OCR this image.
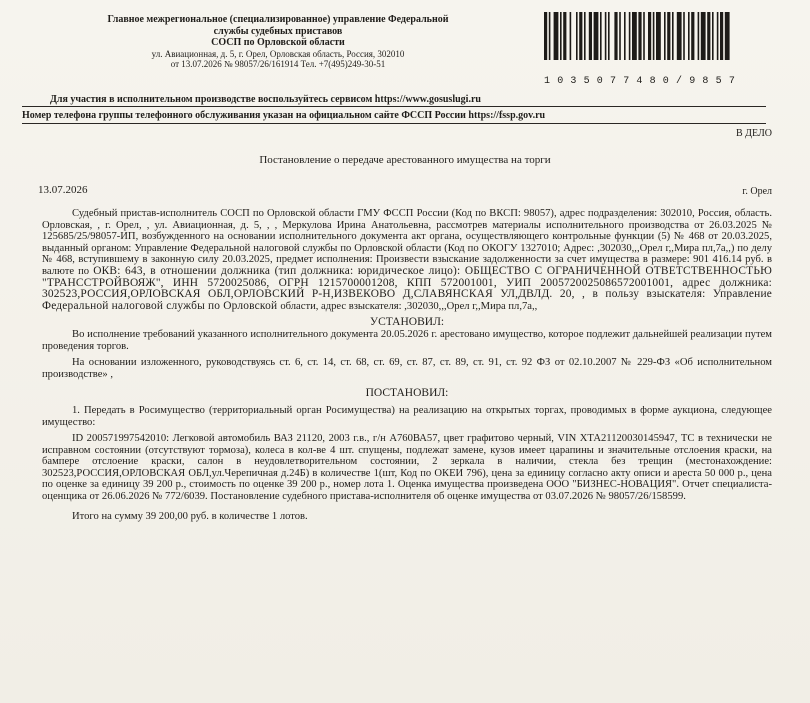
Главное межрегиональное (специализированное) управление Федеральной
службы судебных приставов
СОСП по Орловской области
ул. Авиационная, д. 5, г. Орел, Орловская область, Россия, 302010
от 13.07.2026 № 98057/26/161914 Тел. +7(495)249-30-51
1035077480/9857
Для участия в исполнительном производстве воспользуйтесь сервисом https://www.gosuslugi.ru
Номер телефона группы телефонного обслуживания указан на официальном сайте ФССП России https://fssp.gov.ru
В ДЕЛО
Постановление о передаче арестованного имущества на торги
13.07.2026	г. Орел

Судебный пристав-исполнитель СОСП по Орловской области ГМУ ФССП России (Код по ВКСП: 98057), адрес подразделения: 302010, Россия, область. Орловская, , г. Орел, , ул. Авиационная, д. 5, , , Меркулова Ирина Анатольевна, рассмотрев материалы исполнительного производства от 26.03.2025 № 125685/25/98057-ИП, возбужденного на основании исполнительного документа акт органа, осуществляющего контрольные функции (5) № 468 от 20.03.2025, выданный органом: Управление Федеральной налоговой службы по Орловской области (Код по ОКОГУ 1327010; Адрес: ,302030,,,Орел г,,Мира пл,7а,,) по делу № 468, вступившему в законную силу 20.03.2025, предмет исполнения: Произвести взыскание задолженности за счет имущества в размере: 901 416.14 руб. в валюте по ОКВ: 643, в отношении должника (тип должника: юридическое лицо): ОБЩЕСТВО С ОГРАНИЧЕННОЙ ОТВЕТСТВЕННОСТЬЮ "ТРАНССТРОЙВОЯЖ", ИНН 5720025086, ОГРН 1215700001208, КПП 572001001, УИП 2005720025086572001001, адрес должника: 302523,РОССИЯ,ОРЛОВСКАЯ ОБЛ,ОРЛОВСКИЙ Р-Н,ИЗВЕКОВО Д,СЛАВЯНСКАЯ УЛ,ДВЛД. 20, , в пользу взыскателя: Управление Федеральной налоговой службы по Орловской области, адрес взыскателя: ,302030,,,Орел г,,Мира пл,7а,,

УСТАНОВИЛ:

Во исполнение требований указанного исполнительного документа 20.05.2026 г. арестовано имущество, которое подлежит дальнейшей реализации путем проведения торгов.

На основании изложенного, руководствуясь ст. 6, ст. 14, ст. 68, ст. 69, ст. 87, ст. 89, ст. 91, ст. 92 ФЗ от 02.10.2007 № 229-ФЗ «Об исполнительном производстве» ,

ПОСТАНОВИЛ:

1. Передать в Росимущество (территориальный орган Росимущества) на реализацию на открытых торгах, проводимых в форме аукциона, следующее имущество:

ID 200571997542010: Легковой автомобиль ВАЗ 21120, 2003 г.в., г/н А760ВА57, цвет графитово черный, VIN ХТА21120030145947, ТС в технически не исправном состоянии (отсутствуют тормоза), колеса в кол-ве 4 шт. спущены, подлежат замене, кузов имеет царапины и значительные отслоения краски, на бампере отслоение краски, салон в неудовлетворительном состоянии, 2 зеркала в наличии, стекла без трещин (местонахождение: 302523,РОССИЯ,ОРЛОВСКАЯ ОБЛ,ул.Черепичная д.24Б) в количестве 1(шт, Код по ОКЕИ 796), цена за единицу согласно акту описи и ареста 50 000 р., цена по оценке за единицу 39 200 р., стоимость по оценке 39 200 р., номер лота 1. Оценка имущества произведена ООО "БИЗНЕС-НОВАЦИЯ". Отчет специалиста-оценщика от 26.06.2026 № 772/6039. Постановление судебного пристава-исполнителя об оценке имущества от 03.07.2026 № 98057/26/158599.

Итого на сумму 39 200,00 руб. в количестве 1 лотов.
